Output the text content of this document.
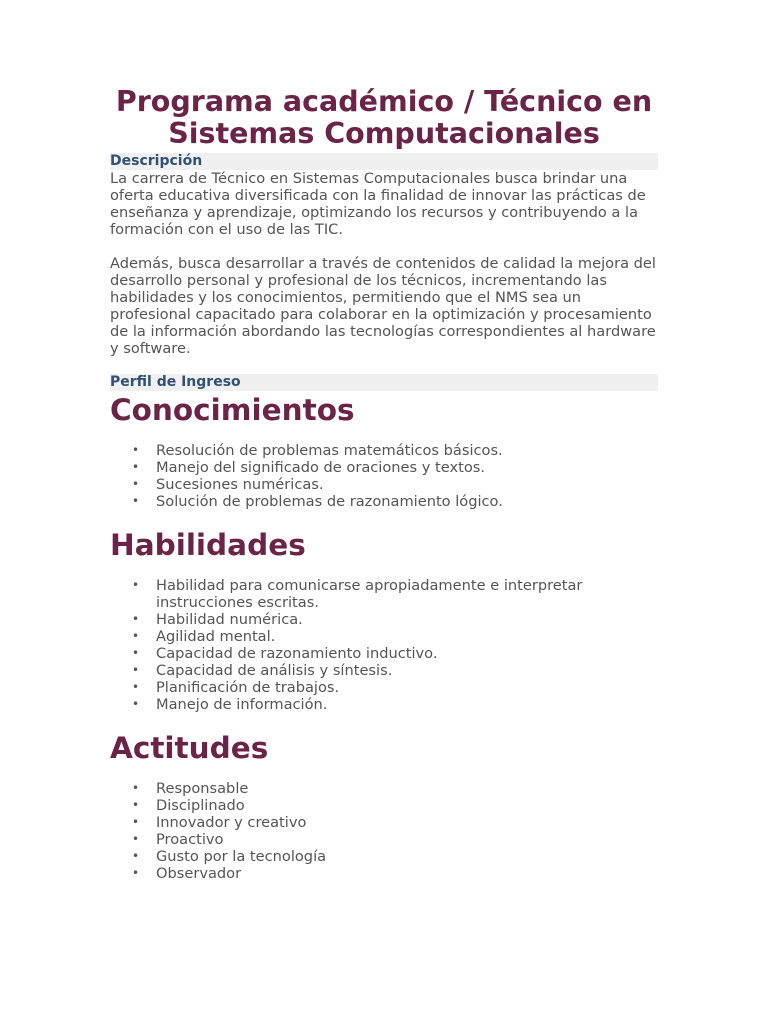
Programa académico / Técnico en Sistemas Computacionales
Descripción

La carrera de Técnico en Sistemas Computacionales busca brindar una oferta educativa diversificada con la finalidad de innovar las prácticas de enseñanza y aprendizaje, optimizando los recursos y contribuyendo a la formación con el uso de las TIC.

Además, busca desarrollar a través de contenidos de calidad la mejora del desarrollo personal y profesional de los técnicos, incrementando las habilidades y los conocimientos, permitiendo que el NMS sea un profesional capacitado para colaborar en la optimización y procesamiento de la información abordando las tecnologías correspondientes al hardware y software.

Perfil de Ingreso
Conocimientos
• Resolución de problemas matemáticos básicos.
• Manejo del significado de oraciones y textos.
• Sucesiones numéricas.
• Solución de problemas de razonamiento lógico.
Habilidades
• Habilidad para comunicarse apropiadamente e interpretar instrucciones escritas.
• Habilidad numérica.
• Agilidad mental.
• Capacidad de razonamiento inductivo.
• Capacidad de análisis y síntesis.
• Planificación de trabajos.
• Manejo de información.
Actitudes
• Responsable
• Disciplinado
• Innovador y creativo
• Proactivo
• Gusto por la tecnología
• Observador
